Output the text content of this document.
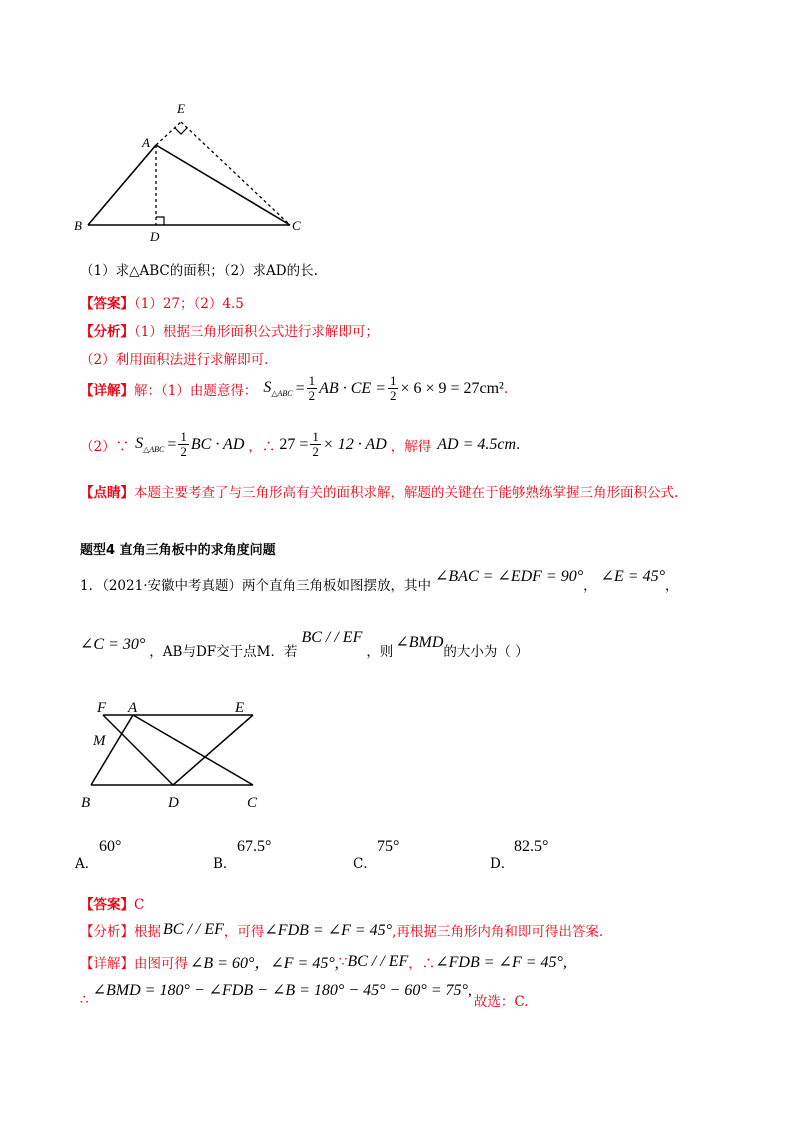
E
A
B
D
C
（1）求△ABC的面积；（2）求AD的长.
【答案】（1）27；（2）4.5
【分析】（1）根据三角形面积公式进行求解即可；
（2）利用面积法进行求解即可.
【详解】 解：（1）由题意得： $S_{\triangle ABC} = \frac{1}{2}$ AB · CE = $\frac{1}{2} \times 6 \times 9 = 27cm^2$ .
（2）∵ $S_{\triangle ABC} = \frac{1}{2}$ BC · AD ，∴ $27 = \frac{1}{2} \times 12$ · AD ，解得 AD = 4.5cm .
【点睛】本题主要考查了与三角形高有关的面积求解，解题的关键在于能够熟练掌握三角形面积公式.
题型4 直角三角板中的求角度问题
1．（2021·安徽中考真题）两个直角三角板如图摆放，其中
∠BAC = ∠EDF = 90°
，
∠E = 45°
，
∠C = 30° ，AB与DF交于点M．若
BC / / EF
，则
∠BMD
的大小为（ ）
F A	E
M
B	D	C
A．
60°
B．
67.5°
C．
75°
D．
82.5°
【答案】C
【分析】 根据 BC / / EF ，可得 ∠FDB = ∠F = 45° ,再根据三角形内角和即可得出答案.
【详解】 由图可得 ∠B = 60°，∠F = 45°, ∵ BC / / EF ，∴ ∠FDB = ∠F = 45°,
∴
∠BMD = 180° − ∠FDB − ∠B = 180° − 45° − 60° = 75°,
故选：C.
